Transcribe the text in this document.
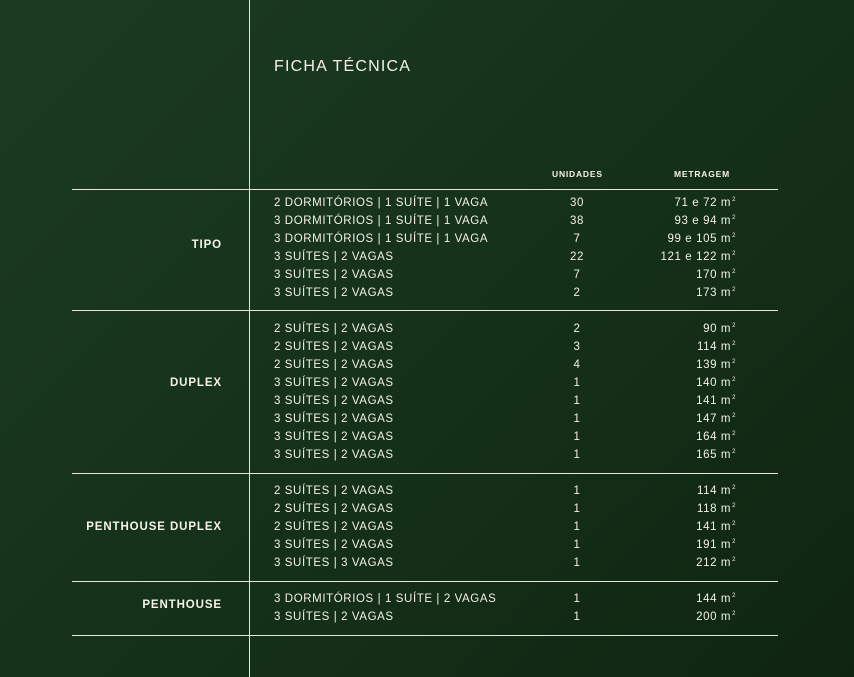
FICHA TÉCNICA
UNIDADES	METRAGEM
TIPO
2 DORMITÓRIOS | 1 SUÍTE | 1 VAGA	30	71 e 72 $m^2$
3 DORMITÓRIOS | 1 SUÍTE | 1 VAGA	38	93 e 94 $m^2$
3 DORMITÓRIOS | 1 SUÍTE | 1 VAGA	7	99 e 105 $m^2$
3 SUÍTES | 2 VAGAS	22	121 e 122 $m^2$
3 SUÍTES | 2 VAGAS	7	170 $m^2$
3 SUÍTES | 2 VAGAS	2	173 $m^2$
DUPLEX
2 SUÍTES | 2 VAGAS	2	90 $m^2$
2 SUÍTES | 2 VAGAS	3	114 $m^2$
2 SUÍTES | 2 VAGAS	4	139 $m^2$
3 SUÍTES | 2 VAGAS	1	140 $m^2$
3 SUÍTES | 2 VAGAS	1	141 $m^2$
3 SUÍTES | 2 VAGAS	1	147 $m^2$
3 SUÍTES | 2 VAGAS	1	164 $m^2$
3 SUÍTES | 2 VAGAS	1	165 $m^2$
PENTHOUSE DUPLEX
2 SUÍTES | 2 VAGAS	1	114 $m^2$
2 SUÍTES | 2 VAGAS	1	118 $m^2$
2 SUÍTES | 2 VAGAS	1	141 $m^2$
3 SUÍTES | 2 VAGAS	1	191 $m^2$
3 SUÍTES | 3 VAGAS	1	212 $m^2$
PENTHOUSE	3 DORMITÓRIOS | 1 SUÍTE | 2 VAGAS	1	144 $m^2$
3 SUÍTES | 2 VAGAS	1	200 $m^2$
